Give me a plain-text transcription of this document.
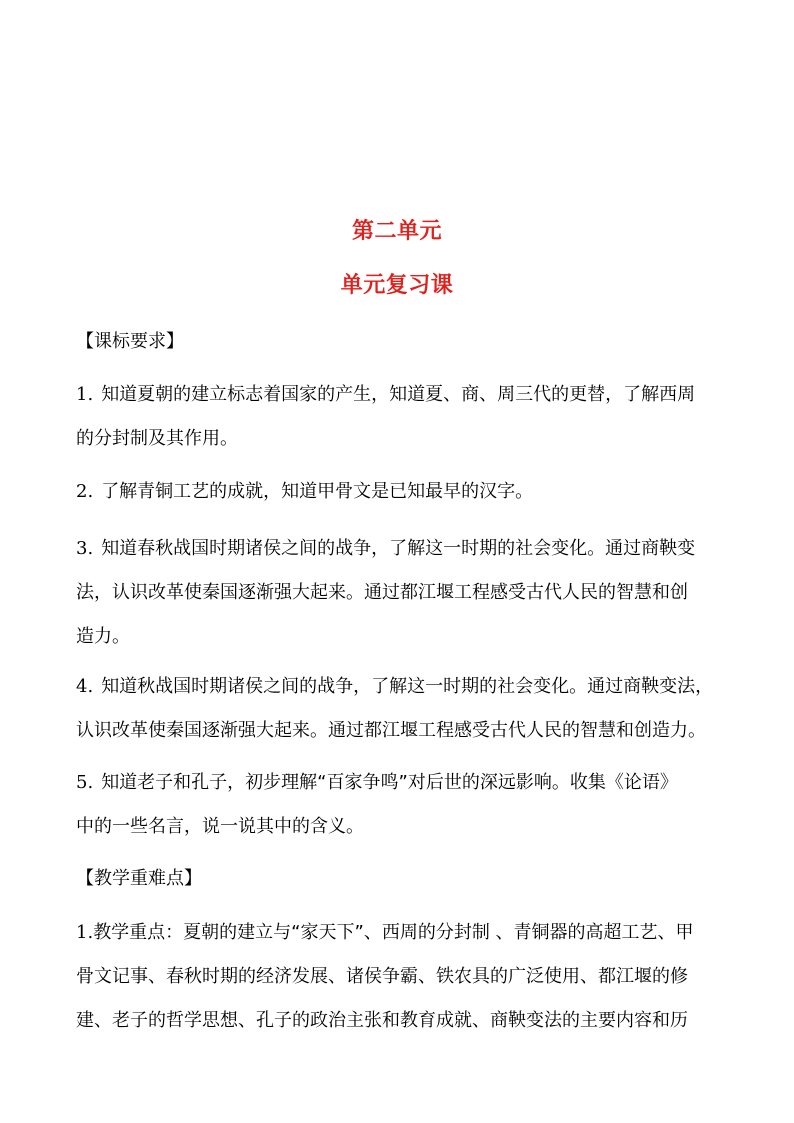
第二单元
单元复习课
【课标要求】
1. 知道夏朝的建立标志着国家的产生，知道夏、商、周三代的更替，了解西周
的分封制及其作用。
2. 了解青铜工艺的成就，知道甲骨文是已知最早的汉字。
3. 知道春秋战国时期诸侯之间的战争，了解这一时期的社会变化。通过商鞅变
法，认识改革使秦国逐渐强大起来。通过都江堰工程感受古代人民的智慧和创
造力。
4. 知道秋战国时期诸侯之间的战争，了解这一时期的社会变化。通过商鞅变法，
认识改革使秦国逐渐强大起来。通过都江堰工程感受古代人民的智慧和创造力。
5. 知道老子和孔子，初步理解“百家争鸣”对后世的深远影响。收集《论语》
中的一些名言，说一说其中的含义。
【教学重难点】
1.教学重点：夏朝的建立与“家天下”、西周的分封制 、青铜器的高超工艺、甲
骨文记事、春秋时期的经济发展、诸侯争霸、铁农具的广泛使用、都江堰的修
建、老子的哲学思想、孔子的政治主张和教育成就、商鞅变法的主要内容和历
